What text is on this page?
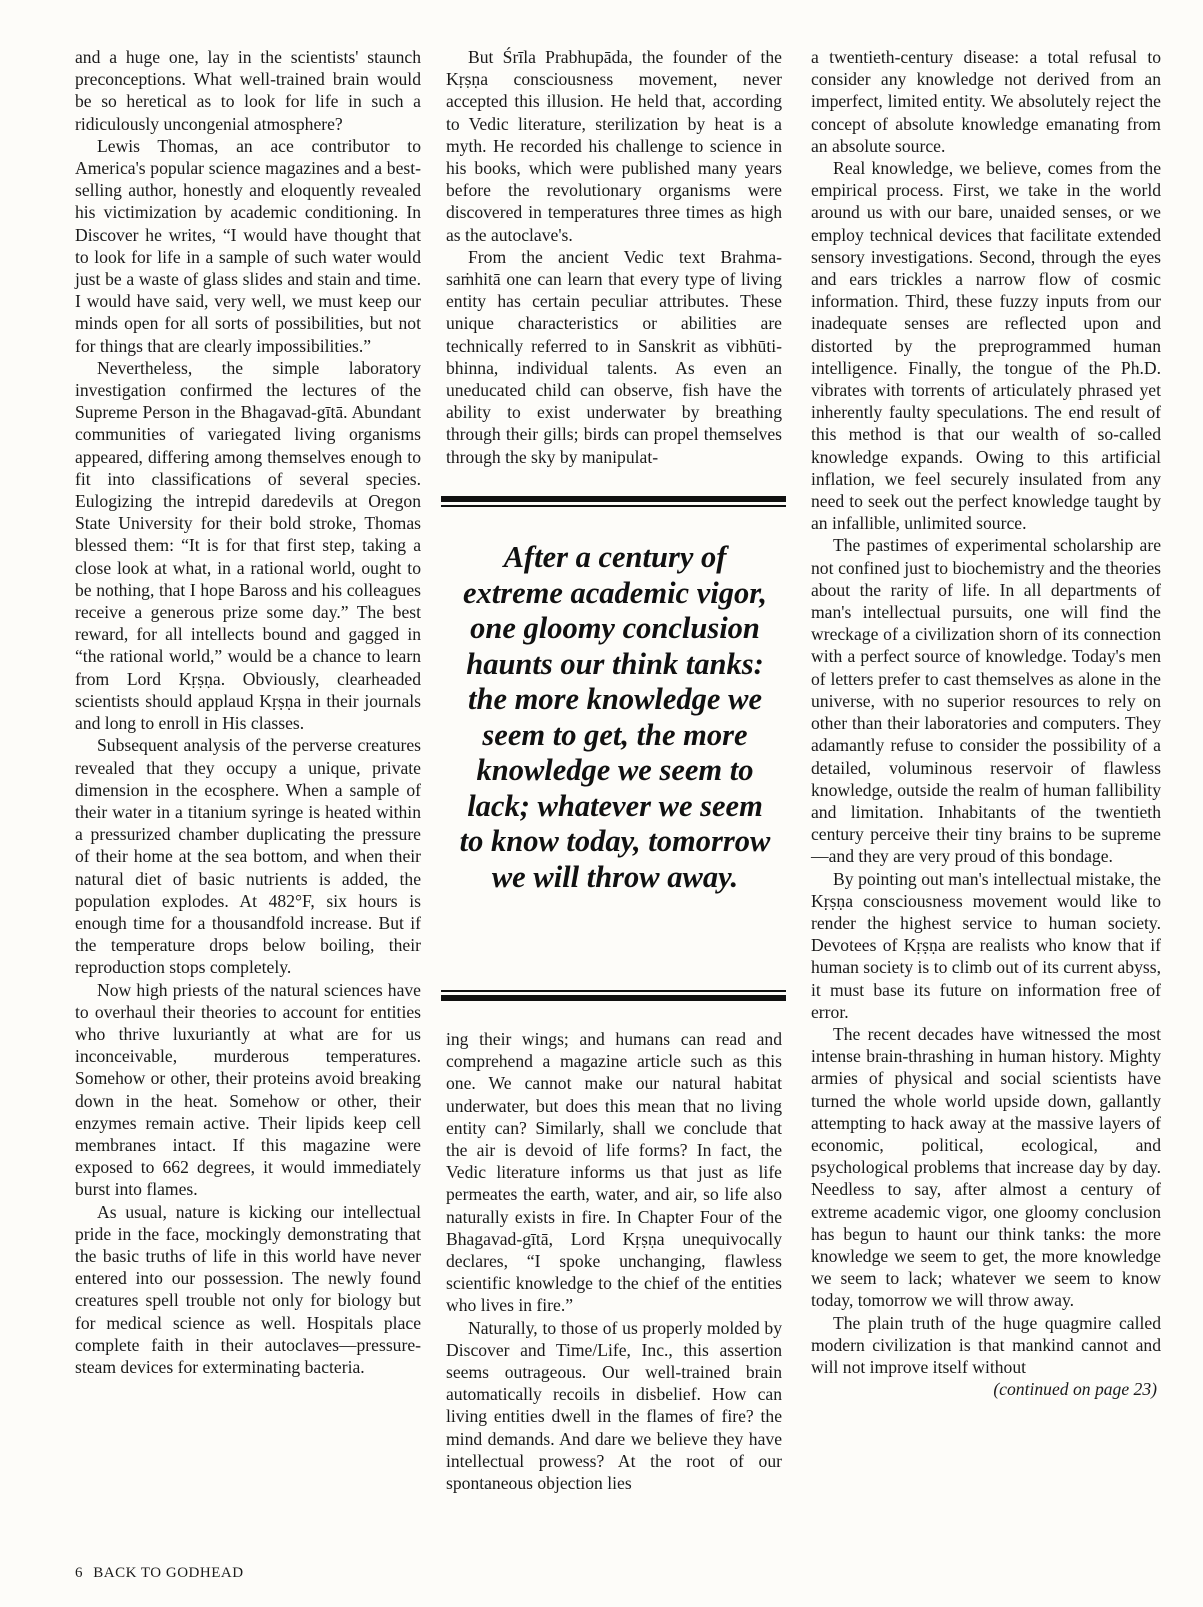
and a huge one, lay in the scientists' staunch preconceptions. What well-trained brain would be so heretical as to look for life in such a ridiculously uncongenial atmosphere?

Lewis Thomas, an ace contributor to America's popular science magazines and a best-selling author, honestly and eloquently revealed his victimization by academic conditioning. In Discover he writes, “I would have thought that to look for life in a sample of such water would just be a waste of glass slides and stain and time. I would have said, very well, we must keep our minds open for all sorts of possibilities, but not for things that are clearly impossibilities.”

Nevertheless, the simple laboratory investigation confirmed the lectures of the Supreme Person in the Bhagavad-gītā. Abundant communities of variegated living organisms appeared, differing among themselves enough to fit into classifications of several species. Eulogizing the intrepid daredevils at Oregon State University for their bold stroke, Thomas blessed them: “It is for that first step, taking a close look at what, in a rational world, ought to be nothing, that I hope Baross and his colleagues receive a generous prize some day.” The best reward, for all intellects bound and gagged in “the rational world,” would be a chance to learn from Lord Kṛṣṇa. Obviously, clearheaded scientists should applaud Kṛṣṇa in their journals and long to enroll in His classes.

Subsequent analysis of the perverse creatures revealed that they occupy a unique, private dimension in the ecosphere. When a sample of their water in a titanium syringe is heated within a pressurized chamber duplicating the pressure of their home at the sea bottom, and when their natural diet of basic nutrients is added, the population explodes. At 482°F, six hours is enough time for a thousandfold increase. But if the temperature drops below boiling, their reproduction stops completely.

Now high priests of the natural sciences have to overhaul their theories to account for entities who thrive luxuriantly at what are for us inconceivable, murderous temperatures. Somehow or other, their proteins avoid breaking down in the heat. Somehow or other, their enzymes remain active. Their lipids keep cell membranes intact. If this magazine were exposed to 662 degrees, it would immediately burst into flames.

As usual, nature is kicking our intellectual pride in the face, mockingly demonstrating that the basic truths of life in this world have never entered into our possession. The newly found creatures spell trouble not only for biology but for medical science as well. Hospitals place complete faith in their autoclaves—pressure-steam devices for exterminating bacteria.

But Śrīla Prabhupāda, the founder of the Kṛṣṇa consciousness movement, never accepted this illusion. He held that, according to Vedic literature, sterilization by heat is a myth. He recorded his challenge to science in his books, which were published many years before the revolutionary organisms were discovered in temperatures three times as high as the autoclave's.

From the ancient Vedic text Brahma-saṁhitā one can learn that every type of living entity has certain peculiar attributes. These unique characteristics or abilities are technically referred to in Sanskrit as vibhūti-bhinna, individual talents. As even an uneducated child can observe, fish have the ability to exist underwater by breathing through their gills; birds can propel themselves through the sky by manipulat-

After a century of extreme academic vigor, one gloomy conclusion haunts our think tanks: the more knowledge we seem to get, the more knowledge we seem to lack; whatever we seem to know today, tomorrow we will throw away.

ing their wings; and humans can read and comprehend a magazine article such as this one. We cannot make our natural habitat underwater, but does this mean that no living entity can? Similarly, shall we conclude that the air is devoid of life forms? In fact, the Vedic literature informs us that just as life permeates the earth, water, and air, so life also naturally exists in fire. In Chapter Four of the Bhagavad-gītā, Lord Kṛṣṇa unequivocally declares, “I spoke unchanging, flawless scientific knowledge to the chief of the entities who lives in fire.”

Naturally, to those of us properly molded by Discover and Time/Life, Inc., this assertion seems outrageous. Our well-trained brain automatically recoils in disbelief. How can living entities dwell in the flames of fire? the mind demands. And dare we believe they have intellectual prowess? At the root of our spontaneous objection lies

a twentieth-century disease: a total refusal to consider any knowledge not derived from an imperfect, limited entity. We absolutely reject the concept of absolute knowledge emanating from an absolute source.

Real knowledge, we believe, comes from the empirical process. First, we take in the world around us with our bare, unaided senses, or we employ technical devices that facilitate extended sensory investigations. Second, through the eyes and ears trickles a narrow flow of cosmic information. Third, these fuzzy inputs from our inadequate senses are reflected upon and distorted by the preprogrammed human intelligence. Finally, the tongue of the Ph.D. vibrates with torrents of articulately phrased yet inherently faulty speculations. The end result of this method is that our wealth of so-called knowledge expands. Owing to this artificial inflation, we feel securely insulated from any need to seek out the perfect knowledge taught by an infallible, unlimited source.

The pastimes of experimental scholarship are not confined just to biochemistry and the theories about the rarity of life. In all departments of man's intellectual pursuits, one will find the wreckage of a civilization shorn of its connection with a perfect source of knowledge. Today's men of letters prefer to cast themselves as alone in the universe, with no superior resources to rely on other than their laboratories and computers. They adamantly refuse to consider the possibility of a detailed, voluminous reservoir of flawless knowledge, outside the realm of human fallibility and limitation. Inhabitants of the twentieth century perceive their tiny brains to be supreme—and they are very proud of this bondage.

By pointing out man's intellectual mistake, the Kṛṣṇa consciousness movement would like to render the highest service to human society. Devotees of Kṛṣṇa are realists who know that if human society is to climb out of its current abyss, it must base its future on information free of error.

The recent decades have witnessed the most intense brain-thrashing in human history. Mighty armies of physical and social scientists have turned the whole world upside down, gallantly attempting to hack away at the massive layers of economic, political, ecological, and psychological problems that increase day by day. Needless to say, after almost a century of extreme academic vigor, one gloomy conclusion has begun to haunt our think tanks: the more knowledge we seem to get, the more knowledge we seem to lack; whatever we seem to know today, tomorrow we will throw away.

The plain truth of the huge quagmire called modern civilization is that mankind cannot and will not improve itself without

(continued on page 23)

6 BACK TO GODHEAD
